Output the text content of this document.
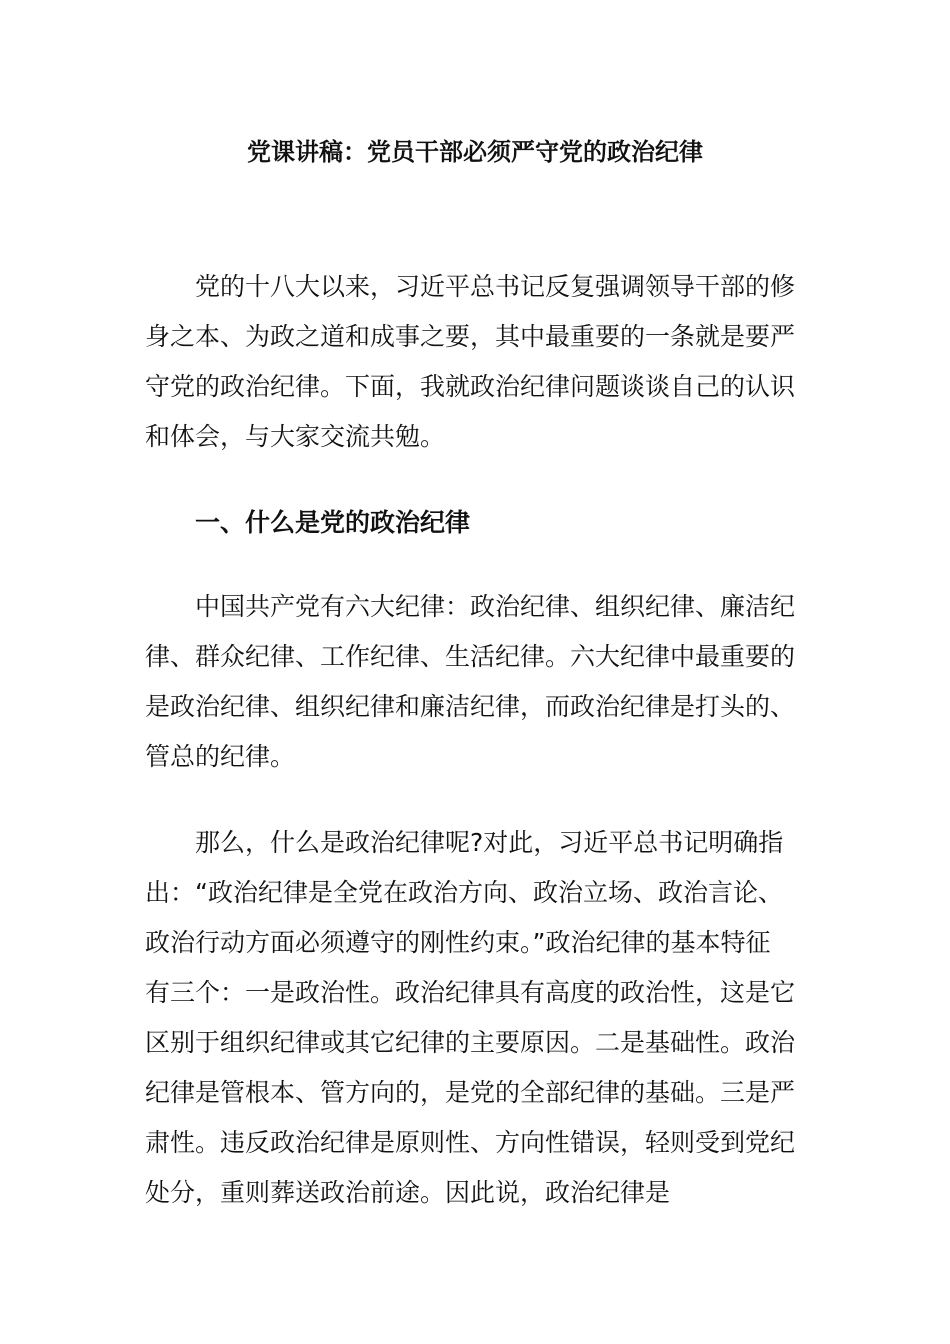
党课讲稿：党员干部必须严守党的政治纪律

党的十八大以来，习近平总书记反复强调领导干部的修身之本、为政之道和成事之要，其中最重要的一条就是要严守党的政治纪律。下面，我就政治纪律问题谈谈自己的认识和体会，与大家交流共勉。

一、什么是党的政治纪律

中国共产党有六大纪律：政治纪律、组织纪律、廉洁纪律、群众纪律、工作纪律、生活纪律。六大纪律中最重要的是政治纪律、组织纪律和廉洁纪律，而政治纪律是打头的、管总的纪律。

那么，什么是政治纪律呢?对此，习近平总书记明确指出：“政治纪律是全党在政治方向、政治立场、政治言论、政治行动方面必须遵守的刚性约束。”政治纪律的基本特征有三个：一是政治性。政治纪律具有高度的政治性，这是它区别于组织纪律或其它纪律的主要原因。二是基础性。政治纪律是管根本、管方向的，是党的全部纪律的基础。三是严肃性。违反政治纪律是原则性、方向性错误，轻则受到党纪处分，重则葬送政治前途。因此说，政治纪律是
